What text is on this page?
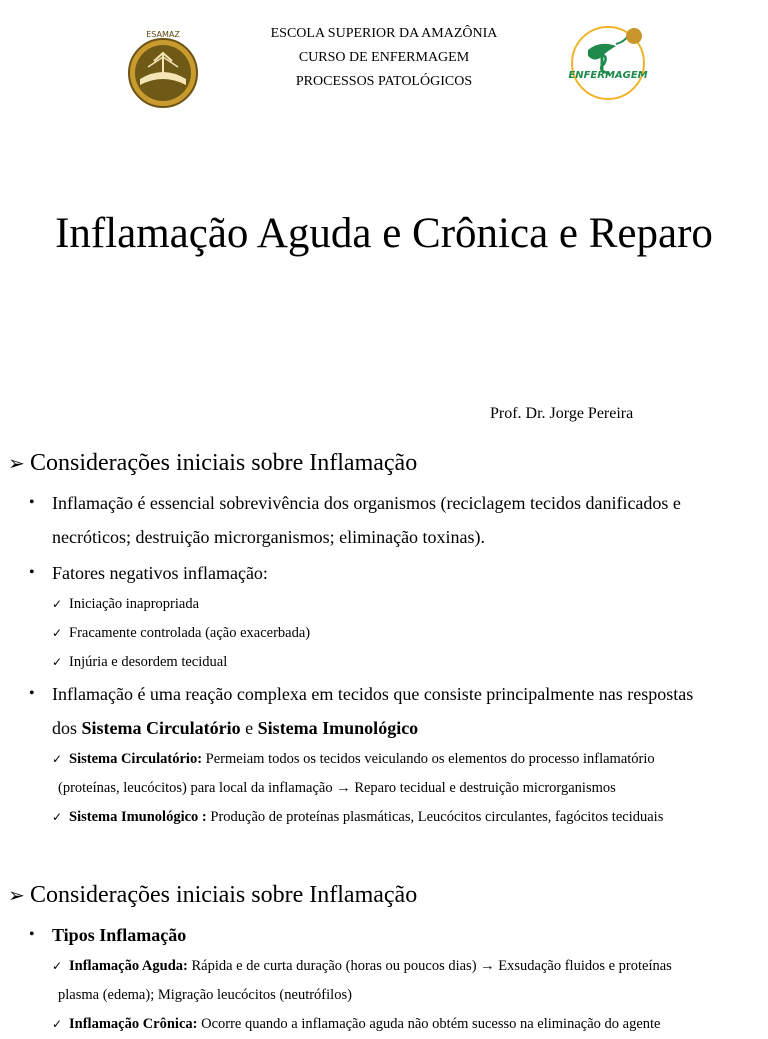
ESAMAZ	ESCOLA SUPERIOR DA AMAZÔNIA
CURSO DE ENFERMAGEM
PROCESSOS PATOLÓGICOS	ENFERMAGEM
Inflamação Aguda e Crônica e Reparo
Prof. Dr. Jorge Pereira
➢ Considerações iniciais sobre Inflamação
• Inflamação é essencial sobrevivência dos organismos (reciclagem tecidos danificados e
necróticos; destruição microrganismos; eliminação toxinas).
• Fatores negativos inflamação:
✓ Iniciação inapropriada
✓ Fracamente controlada (ação exacerbada)
✓ Injúria e desordem tecidual
• Inflamação é uma reação complexa em tecidos que consiste principalmente nas respostas
dos Sistema Circulatório e Sistema Imunológico
✓ Sistema Circulatório: Permeiam todos os tecidos veiculando os elementos do processo inflamatório
(proteínas, leucócitos) para local da inflamação → Reparo tecidual e destruição microrganismos
✓ Sistema Imunológico : Produção de proteínas plasmáticas, Leucócitos circulantes, fagócitos teciduais
➢ Considerações iniciais sobre Inflamação
• Tipos Inflamação
✓ Inflamação Aguda: Rápida e de curta duração (horas ou poucos dias) → Exsudação fluidos e proteínas
plasma (edema); Migração leucócitos (neutrófilos)
✓ Inflamação Crônica: Ocorre quando a inflamação aguda não obtém sucesso na eliminação do agente
